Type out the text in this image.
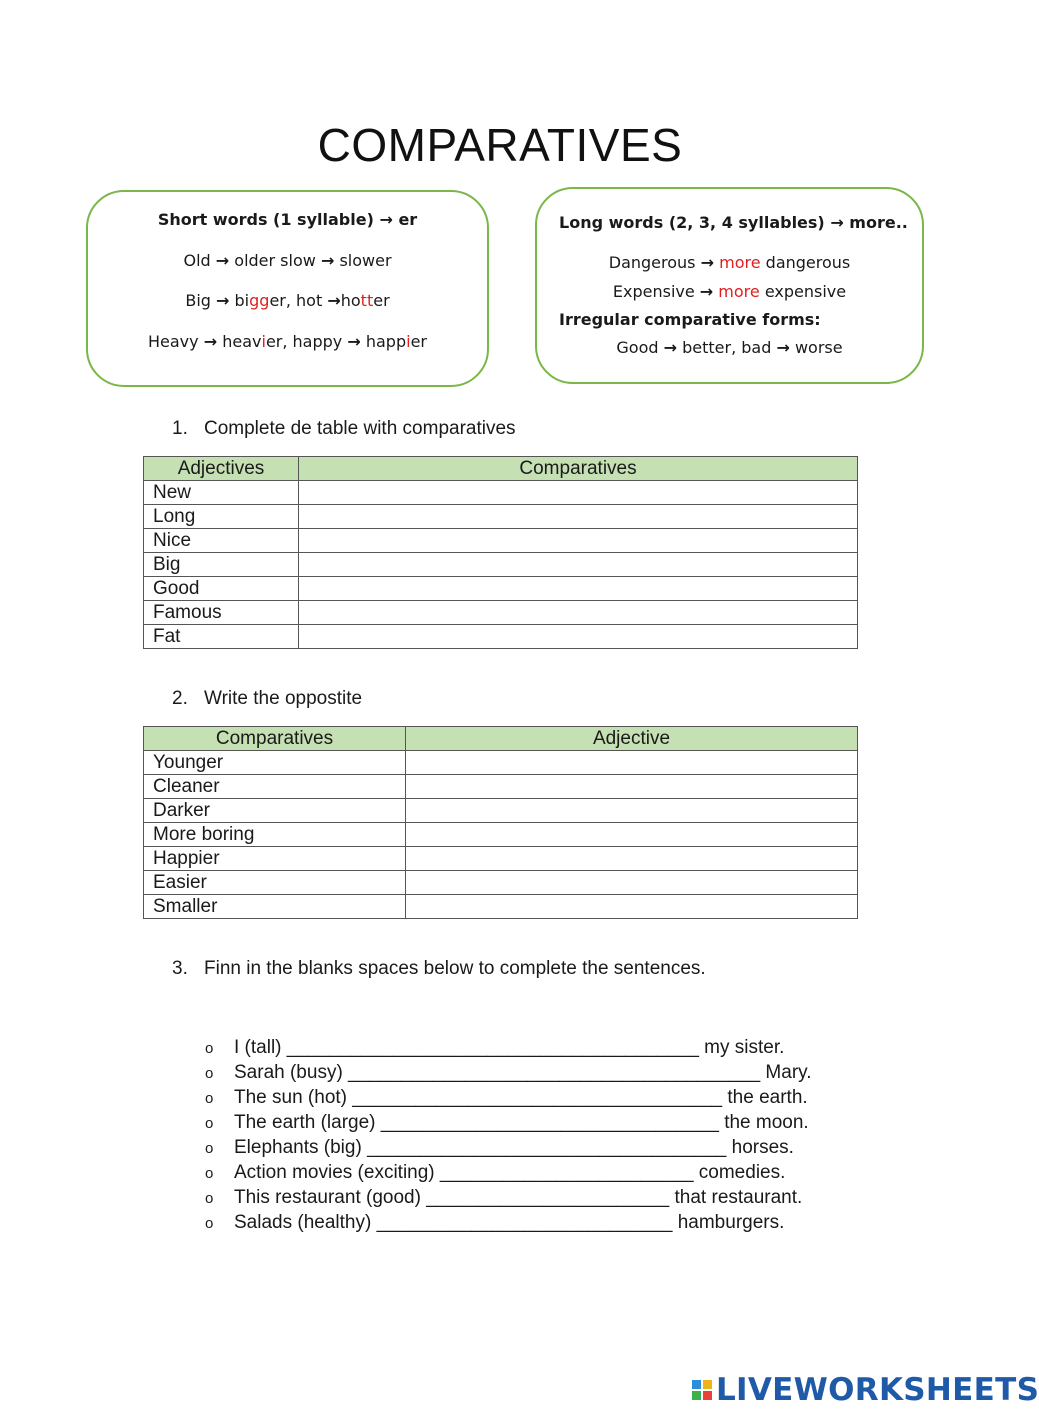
COMPARATIVES
Short words (1 syllable) → er
Old → older slow → slower
Big → bigger, hot →hotter
Heavy → heavier, happy → happier
Long words (2, 3, 4 syllables) → more..
Dangerous → more dangerous
Expensive → more expensive
Irregular comparative forms:
Good → better, bad → worse
1. Complete de table with comparatives
Adjectives	Comparatives
New	
Long	
Nice	
Big	
Good	
Famous	
Fat	
2. Write the oppostite
Comparatives	Adjective
Younger	
Cleaner	
Darker	
More boring	
Happier	
Easier	
Smaller	
3. Finn in the blanks spaces below to complete the sentences.
o I (tall) _______________________________________ my sister.
o Sarah (busy) _______________________________________ Mary.
o The sun (hot) ___________________________________ the earth.
o The earth (large) ________________________________ the moon.
o Elephants (big) __________________________________ horses.
o Action movies (exciting) ________________________ comedies.
o This restaurant (good) _______________________ that restaurant.
o Salads (healthy) ____________________________ hamburgers.
LIVEWORKSHEETS
